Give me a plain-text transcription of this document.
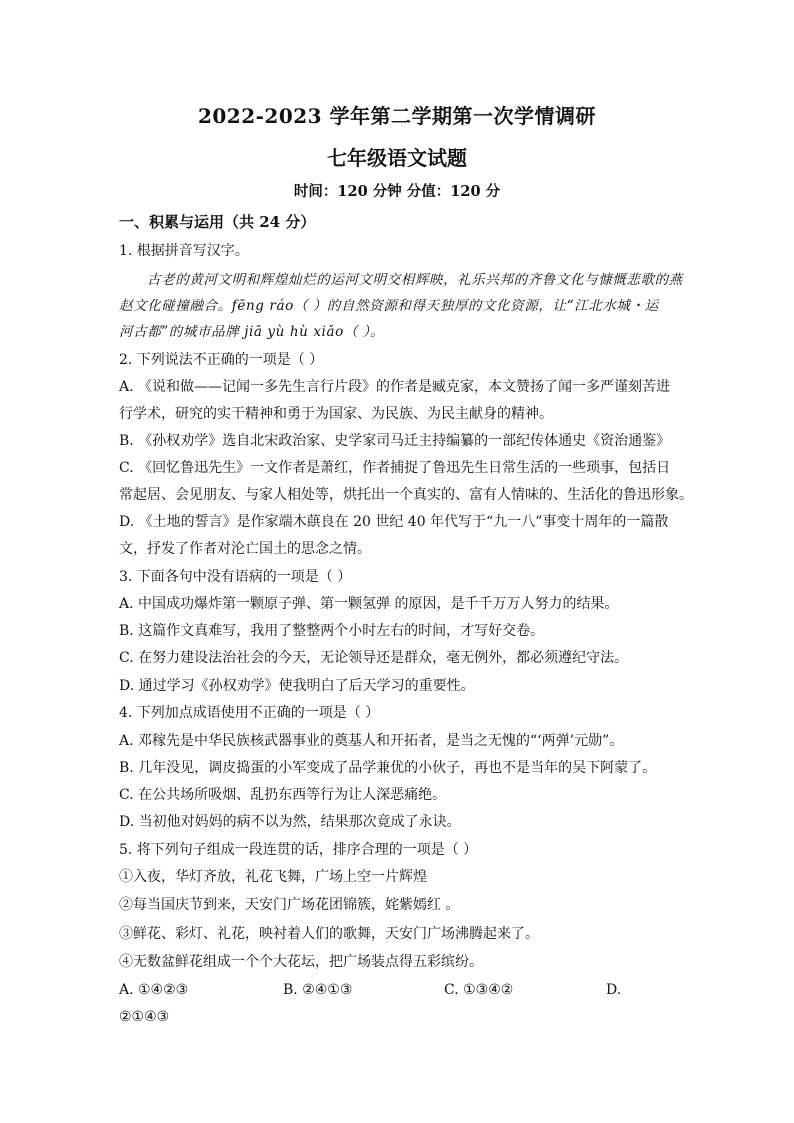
2022-2023 学年第二学期第一次学情调研
七年级语文试题
时间：120 分钟 分值：120 分
一、积累与运用（共 24 分）
1. 根据拼音写汉字。
古老的黄河文明和辉煌灿烂的运河文明交相辉映，礼乐兴邦的齐鲁文化与慷慨悲歌的燕
赵文化碰撞融合。fēng ráo（ ）的自然资源和得天独厚的文化资源，让“江北水城・运
河古都”的城市品牌 jiā yù hù xiǎo（ ）。
2. 下列说法不正确的一项是（ ）
A. 《说和做——记闻一多先生言行片段》的作者是臧克家，本文赞扬了闻一多严谨刻苦进
行学术，研究的实干精神和勇于为国家、为民族、为民主献身的精神。
B. 《孙权劝学》选自北宋政治家、史学家司马迁主持编纂的一部纪传体通史《资治通鉴》
C. 《回忆鲁迅先生》一文作者是萧红，作者捕捉了鲁迅先生日常生活的一些琐事，包括日
常起居、会见朋友、与家人相处等，烘托出一个真实的、富有人情味的、生活化的鲁迅形象。
D. 《土地的誓言》是作家端木蕻良在 20 世纪 40 年代写于“九一八”事变十周年的一篇散
文，抒发了作者对沦亡国土的思念之情。
3. 下面各句中没有语病的一项是（ ）
A. 中国成功爆炸第一颗原子弹、第一颗氢弹 的原因，是千千万万人努力的结果。
B. 这篇作文真难写，我用了整整两个小时左右的时间，才写好交卷。
C. 在努力建设法治社会的今天，无论领导还是群众，毫无例外，都必须遵纪守法。
D. 通过学习《孙权劝学》使我明白了后天学习的重要性。
4. 下列加点成语使用不正确的一项是（ ）
A. 邓稼先是中华民族核武器事业的奠基人和开拓者，是当之无愧的“‘两弹’元勋”。
B. 几年没见，调皮捣蛋的小军变成了品学兼优的小伙子，再也不是当年的吴下阿蒙了。
C. 在公共场所吸烟、乱扔东西等行为让人深恶痛绝。
D. 当初他对妈妈的病不以为然，结果那次竟成了永诀。
5. 将下列句子组成一段连贯的话，排序合理的一项是（ ）
①入夜，华灯齐放，礼花飞舞，广场上空一片辉煌
②每当国庆节到来，天安门广场花团锦簇，姹紫嫣红 。
③鲜花、彩灯、礼花，映衬着人们的歌舞，天安门广场沸腾起来了。
④无数盆鲜花组成一个个大花坛，把广场装点得五彩缤纷。
A. ①④②③	B. ②④①③	C. ①③④②	D.
②①④③
